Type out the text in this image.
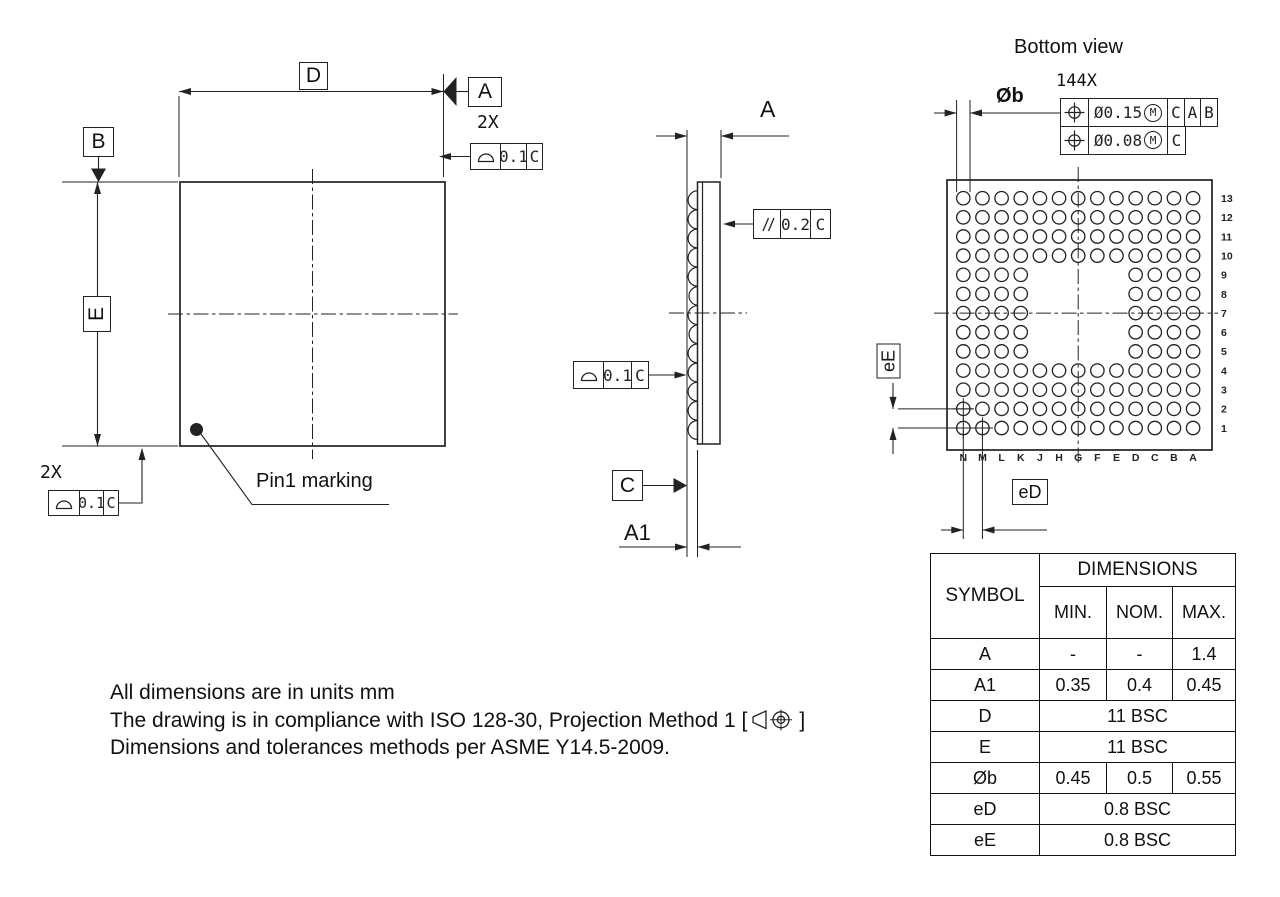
N M L K J H G F E D C B A
13
12
11
10
9
8
7
6
5
4
3
2
1
D
A
B
E
2X
0.1 C
2X
0.1 C
Pin1 marking
A
0.2 C
0.1 C
C
A1
Bottom view
144X
Øb
Ø0.15 M C A B
Ø0.08 M C
eE
eD
All dimensions are in units mm
The drawing is in compliance with ISO 128-30, Projection Method 1 [ ]
Dimensions and tolerances methods per ASME Y14.5-2009.
SYMBOL	DIMENSIONS		
	MIN.	NOM.	MAX.
A	-	-	1.4
A1	0.35	0.4	0.45
D	11 BSC		
E	11 BSC		
Øb	0.45	0.5	0.55
eD	0.8 BSC		
eE	0.8 BSC		
